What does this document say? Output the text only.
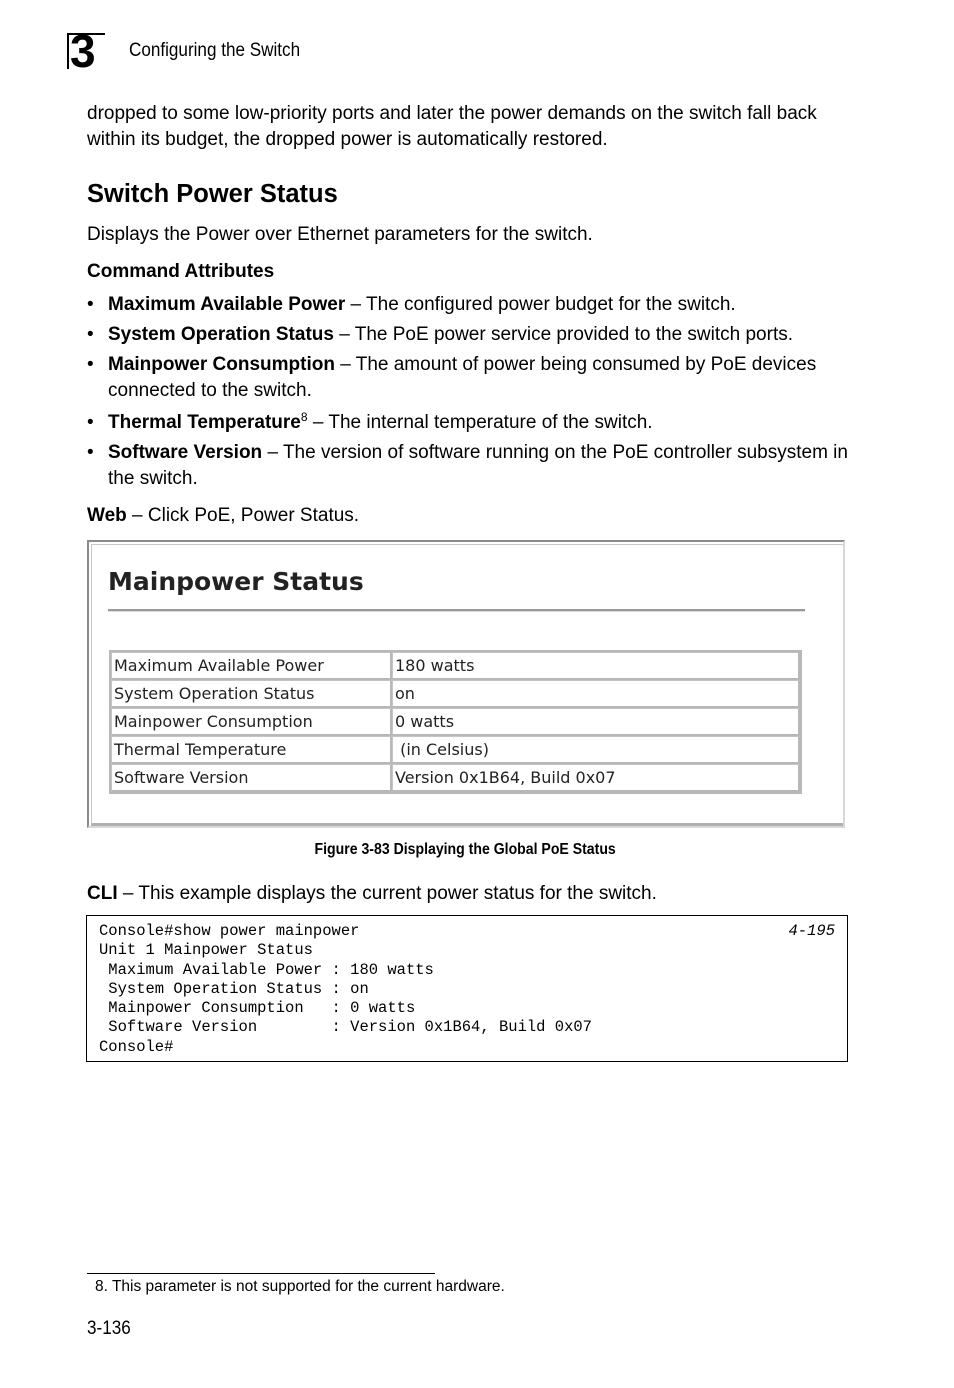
3 Configuring the Switch
dropped to some low-priority ports and later the power demands on the switch fall back within its budget, the dropped power is automatically restored.
Switch Power Status
Displays the Power over Ethernet parameters for the switch.
Command Attributes
• Maximum Available Power – The configured power budget for the switch.
• System Operation Status – The PoE power service provided to the switch ports.
• Mainpower Consumption – The amount of power being consumed by PoE devices connected to the switch.
• Thermal Temperature$^8$ – The internal temperature of the switch.
• Software Version – The version of software running on the PoE controller subsystem in the switch.
Web – Click PoE, Power Status.
Mainpower Status
Maximum Available Power	180 watts
System Operation Status	on
Mainpower Consumption	0 watts
Thermal Temperature	(in Celsius)
Software Version	Version 0x1B64, Build 0x07
Figure 3-83 Displaying the Global PoE Status
CLI – This example displays the current power status for the switch.
Console#show power mainpower
Unit 1 Mainpower Status
Maximum Available Power : 180 watts
System Operation Status : on
Mainpower Consumption   : 0 watts
Software Version        : Version 0x1B64, Build 0x07
Console#
4-195
8. This parameter is not supported for the current hardware.
3-136
